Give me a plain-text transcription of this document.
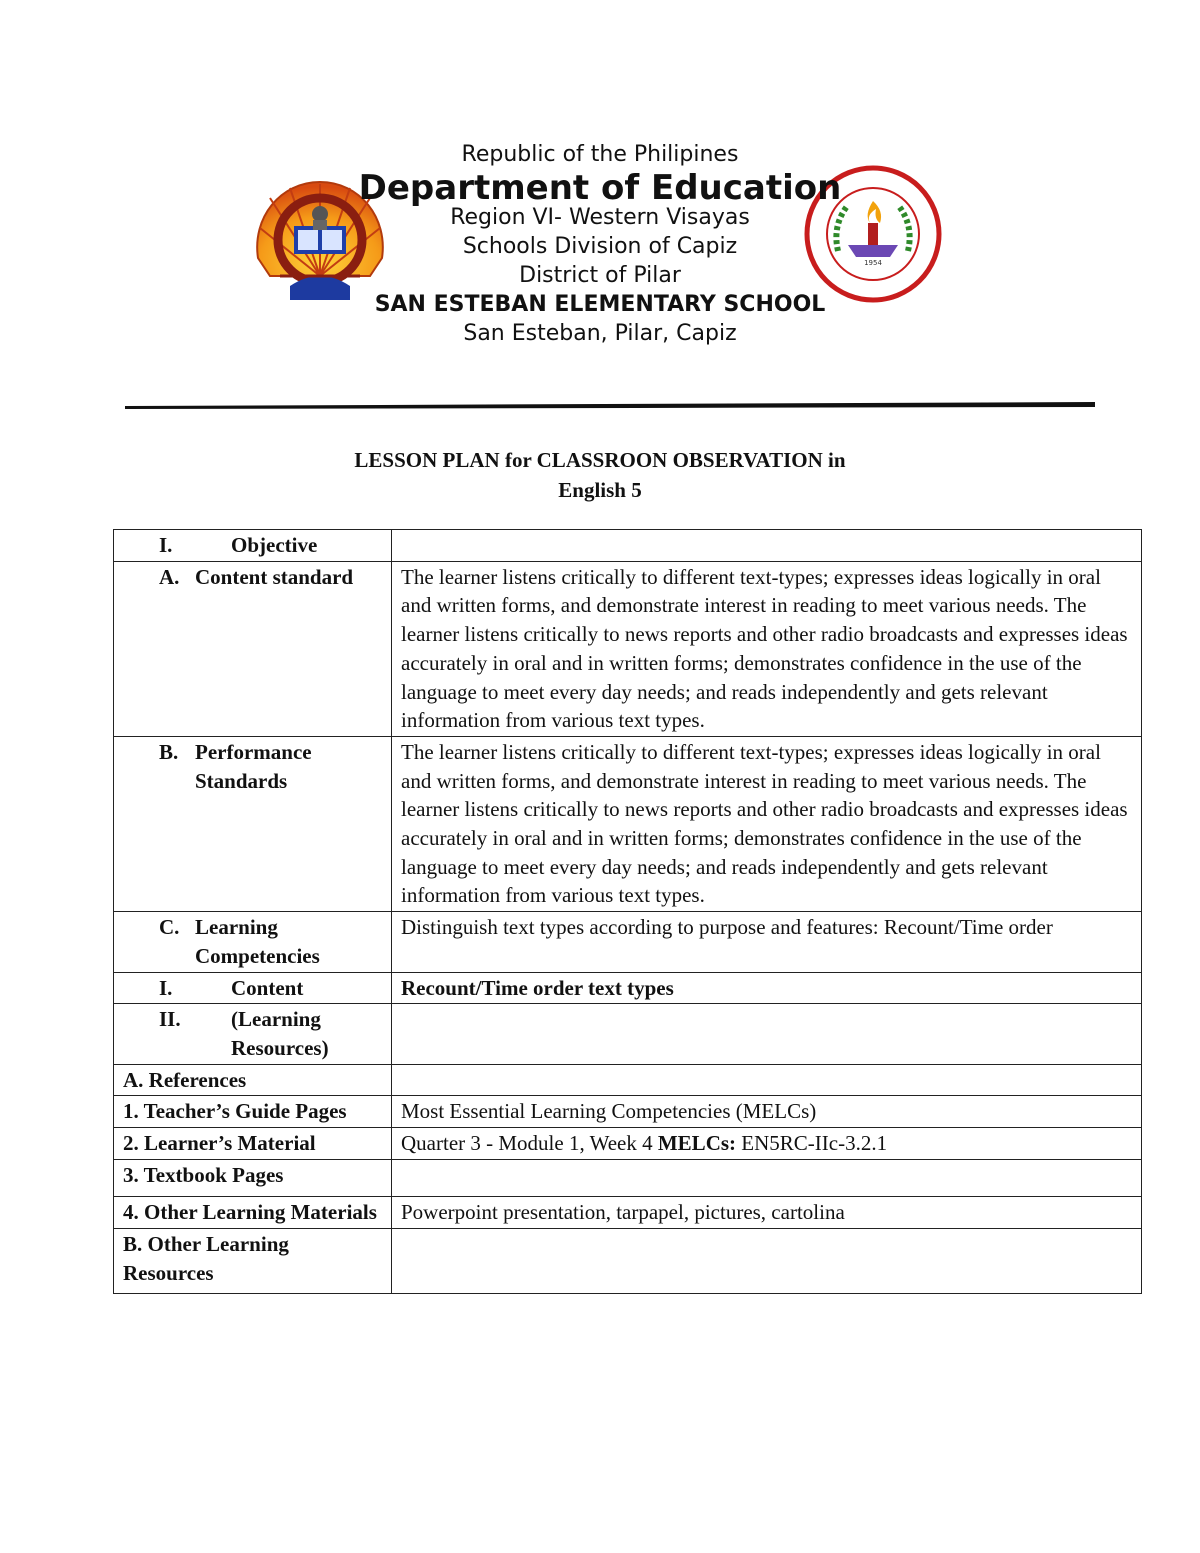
1954
Republic of the Philipines
Department of Education
Region VI- Western Visayas
Schools Division of Capiz
District of Pilar
SAN ESTEBAN ELEMENTARY SCHOOL
San Esteban, Pilar, Capiz
LESSON PLAN for CLASSROON OBSERVATION in
English 5
I. Objective	

A. Content standard	The learner listens critically to different text-types; expresses ideas logically in oral and written forms, and demonstrate interest in reading to meet various needs. The learner listens critically to news reports and other radio broadcasts and expresses ideas accurately in oral and in written forms; demonstrates confidence in the use of the language to meet every day needs; and reads independently and gets relevant information from various text types.

B. Performance Standards	The learner listens critically to different text-types; expresses ideas logically in oral and written forms, and demonstrate interest in reading to meet various needs. The learner listens critically to news reports and other radio broadcasts and expresses ideas accurately in oral and in written forms; demonstrates confidence in the use of the language to meet every day needs; and reads independently and gets relevant information from various text types.

C. Learning Competencies	Distinguish text types according to purpose and features: Recount/Time order

I. Content	Recount/Time order text types

II. (Learning Resources)	

A. References	
1. Teacher’s Guide Pages	Most Essential Learning Competencies (MELCs)
2. Learner’s Material	Quarter 3 - Module 1, Week 4 MELCs: EN5RC-IIc-3.2.1
3. Textbook Pages	
4. Other Learning Materials	Powerpoint presentation, tarpapel, pictures, cartolina
B. Other Learning Resources	
